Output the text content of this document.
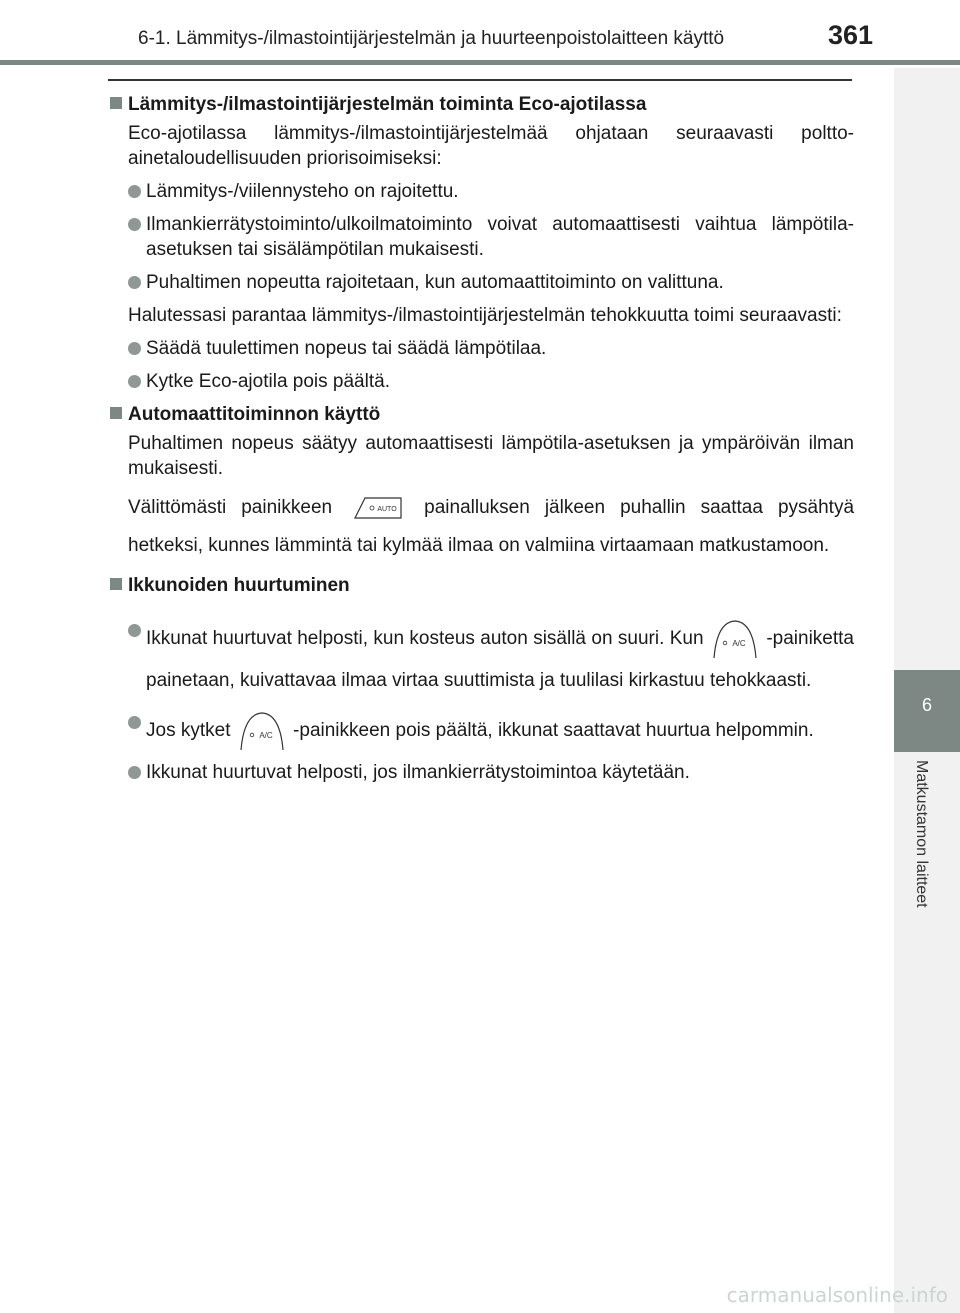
6-1. Lämmitys-/ilmastointijärjestelmän ja huurteenpoistolaitteen käyttö	361
6
Matkustamon laitteet

Lämmitys-/ilmastointijärjestelmän toiminta Eco-ajotilassa

Eco-ajotilassa lämmitys-/ilmastointijärjestelmää ohjataan seuraavasti poltto-ainetaloudellisuuden priorisoimiseksi:

Lämmitys-/viilennysteho on rajoitettu.

Ilmankierrätystoiminto/ulkoilmatoiminto voivat automaattisesti vaihtua lämpötila-asetuksen tai sisälämpötilan mukaisesti.

Puhaltimen nopeutta rajoitetaan, kun automaattitoiminto on valittuna.

Halutessasi parantaa lämmitys-/ilmastointijärjestelmän tehokkuutta toimi seuraavasti:

Säädä tuulettimen nopeus tai säädä lämpötilaa.

Kytke Eco-ajotila pois päältä.

Automaattitoiminnon käyttö

Puhaltimen nopeus säätyy automaattisesti lämpötila-asetuksen ja ympäröivän ilman mukaisesti.

Välittömästi painikkeen	AUTO painalluksen jälkeen puhallin saattaa pysähtyä hetkeksi, kunnes lämmintä tai kylmää ilmaa on valmiina virtaamaan matkustamoon.

Ikkunoiden huurtuminen

Ikkunat huurtuvat helposti, kun kosteus auton sisällä on suuri. Kun	A/C -painiketta painetaan, kuivattavaa ilmaa virtaa suuttimista ja tuulilasi kirkastuu tehokkaasti.

Jos kytket	A/C -painikkeen pois päältä, ikkunat saattavat huurtua helpommin.

Ikkunat huurtuvat helposti, jos ilmankierrätystoimintoa käytetään.

carmanualsonline.info
